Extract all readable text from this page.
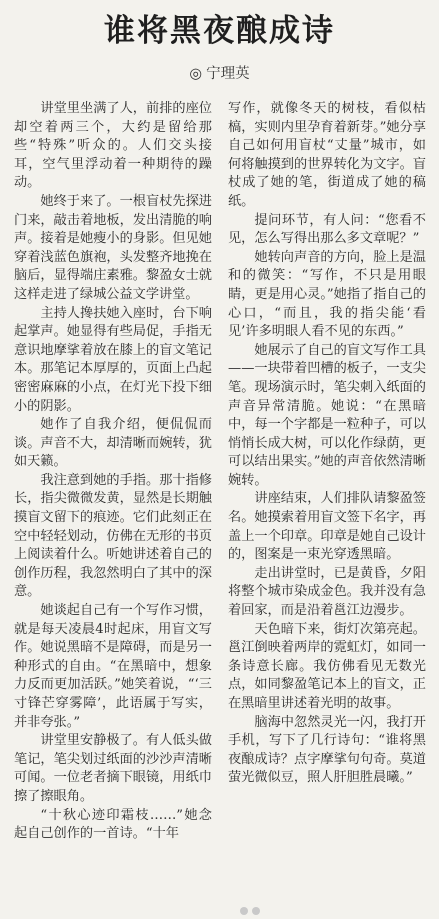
谁将黑夜酿成诗
◎ 宁理英

讲堂里坐满了人，前排的座位却空着两三个，大约是留给那些“特殊”听众的。人们交头接耳，空气里浮动着一种期待的躁动。

她终于来了。一根盲杖先探进门来，敲击着地板，发出清脆的响声。接着是她瘦小的身影。但见她穿着浅蓝色旗袍，头发整齐地挽在脑后，显得端庄素雅。黎盈女士就这样走进了绿城公益文学讲堂。

主持人搀扶她入座时，台下响起掌声。她显得有些局促，手指无意识地摩挲着放在膝上的盲文笔记本。那笔记本厚厚的，页面上凸起密密麻麻的小点，在灯光下投下细小的阴影。

她作了自我介绍，便侃侃而谈。声音不大，却清晰而婉转，犹如天籁。

我注意到她的手指。那十指修长，指尖微微发黄，显然是长期触摸盲文留下的痕迹。它们此刻正在空中轻轻划动，仿佛在无形的书页上阅读着什么。听她讲述着自己的创作历程，我忽然明白了其中的深意。

她谈起自己有一个写作习惯，就是每天凌晨4时起床，用盲文写作。她说黑暗不是障碍，而是另一种形式的自由。“在黑暗中，想象力反而更加活跃。”她笑着说，“‘三寸锋芒穿雾障’，此语属于写实，并非夸张。”

讲堂里安静极了。有人低头做笔记，笔尖划过纸面的沙沙声清晰可闻。一位老者摘下眼镜，用纸巾擦了擦眼角。

“十秋心迹印霜枝……”她念起自己创作的一首诗。“十年

写作，就像冬天的树枝，看似枯槁，实则内里孕育着新芽。”她分享自己如何用盲杖“丈量”城市，如何将触摸到的世界转化为文字。盲杖成了她的笔，街道成了她的稿纸。

提问环节，有人问：“您看不见，怎么写得出那么多文章呢？”

她转向声音的方向，脸上是温和的微笑：“写作，不只是用眼睛，更是用心灵。”她指了指自己的心口，“而且，我的指尖能‘看见’许多明眼人看不见的东西。”

她展示了自己的盲文写作工具——一块带着凹槽的板子，一支尖笔。现场演示时，笔尖刺入纸面的声音异常清脆。她说：“在黑暗中，每一个字都是一粒种子，可以悄悄长成大树，可以化作绿荫，更可以结出果实。”她的声音依然清晰婉转。

讲座结束，人们排队请黎盈签名。她摸索着用盲文签下名字，再盖上一个印章。印章是她自己设计的，图案是一束光穿透黑暗。

走出讲堂时，已是黄昏，夕阳将整个城市染成金色。我并没有急着回家，而是沿着邕江边漫步。

天色暗下来，街灯次第亮起。邕江倒映着两岸的霓虹灯，如同一条诗意长廊。我仿佛看见无数光点，如同黎盈笔记本上的盲文，正在黑暗里讲述着光明的故事。

脑海中忽然灵光一闪，我打开手机，写下了几行诗句：“谁将黑夜酿成诗？点字摩挲句句奇。莫道萤光微似豆，照人肝胆胜晨曦。”
